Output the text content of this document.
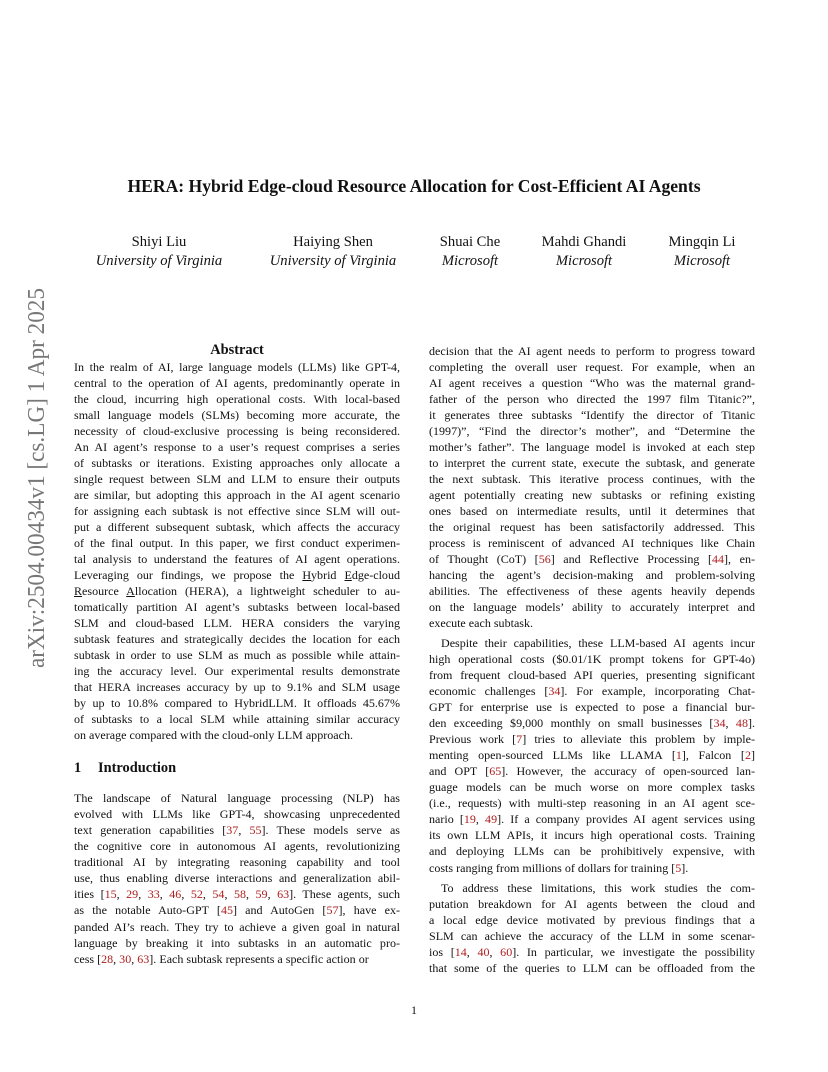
arXiv:2504.00434v1 [cs.LG] 1 Apr 2025
HERA: Hybrid Edge-cloud Resource Allocation for Cost-Efficient AI Agents
Shiyi Liu
University of Virginia
Haiying Shen
University of Virginia
Shuai Che
Microsoft
Mahdi Ghandi
Microsoft
Mingqin Li
Microsoft
Abstract
In the realm of AI, large language models (LLMs) like GPT-4,
central to the operation of AI agents, predominantly operate in
the cloud, incurring high operational costs. With local-based
small language models (SLMs) becoming more accurate, the
necessity of cloud-exclusive processing is being reconsidered.
An AI agent’s response to a user’s request comprises a series
of subtasks or iterations. Existing approaches only allocate a
single request between SLM and LLM to ensure their outputs
are similar, but adopting this approach in the AI agent scenario
for assigning each subtask is not effective since SLM will out-
put a different subsequent subtask, which affects the accuracy
of the final output. In this paper, we first conduct experimen-
tal analysis to understand the features of AI agent operations.
Leveraging our findings, we propose the Hybrid Edge-cloud
Resource Allocation (HERA), a lightweight scheduler to au-
tomatically partition AI agent’s subtasks between local-based
SLM and cloud-based LLM. HERA considers the varying
subtask features and strategically decides the location for each
subtask in order to use SLM as much as possible while attain-
ing the accuracy level. Our experimental results demonstrate
that HERA increases accuracy by up to 9.1% and SLM usage
by up to 10.8% compared to HybridLLM. It offloads 45.67%
of subtasks to a local SLM while attaining similar accuracy
on average compared with the cloud-only LLM approach.
1 Introduction
The landscape of Natural language processing (NLP) has
evolved with LLMs like GPT-4, showcasing unprecedented
text generation capabilities [37, 55]. These models serve as
the cognitive core in autonomous AI agents, revolutionizing
traditional AI by integrating reasoning capability and tool
use, thus enabling diverse interactions and generalization abil-
ities [15, 29, 33, 46, 52, 54, 58, 59, 63]. These agents, such
as the notable Auto-GPT [45] and AutoGen [57], have ex-
panded AI’s reach. They try to achieve a given goal in natural
language by breaking it into subtasks in an automatic pro-
cess [28, 30, 63]. Each subtask represents a specific action or
decision that the AI agent needs to perform to progress toward
completing the overall user request. For example, when an
AI agent receives a question “Who was the maternal grand-
father of the person who directed the 1997 film Titanic?”,
it generates three subtasks “Identify the director of Titanic
(1997)”, “Find the director’s mother”, and “Determine the
mother’s father”. The language model is invoked at each step
to interpret the current state, execute the subtask, and generate
the next subtask. This iterative process continues, with the
agent potentially creating new subtasks or refining existing
ones based on intermediate results, until it determines that
the original request has been satisfactorily addressed. This
process is reminiscent of advanced AI techniques like Chain
of Thought (CoT) [56] and Reflective Processing [44], en-
hancing the agent’s decision-making and problem-solving
abilities. The effectiveness of these agents heavily depends
on the language models’ ability to accurately interpret and
execute each subtask.
Despite their capabilities, these LLM-based AI agents incur
high operational costs ($0.01/1K prompt tokens for GPT-4o)
from frequent cloud-based API queries, presenting significant
economic challenges [34]. For example, incorporating Chat-
GPT for enterprise use is expected to pose a financial bur-
den exceeding $9,000 monthly on small businesses [34, 48].
Previous work [7] tries to alleviate this problem by imple-
menting open-sourced LLMs like LLAMA [1], Falcon [2]
and OPT [65]. However, the accuracy of open-sourced lan-
guage models can be much worse on more complex tasks
(i.e., requests) with multi-step reasoning in an AI agent sce-
nario [19, 49]. If a company provides AI agent services using
its own LLM APIs, it incurs high operational costs. Training
and deploying LLMs can be prohibitively expensive, with
costs ranging from millions of dollars for training [5].
To address these limitations, this work studies the com-
putation breakdown for AI agents between the cloud and
a local edge device motivated by previous findings that a
SLM can achieve the accuracy of the LLM in some scenar-
ios [14, 40, 60]. In particular, we investigate the possibility
that some of the queries to LLM can be offloaded from the
1
